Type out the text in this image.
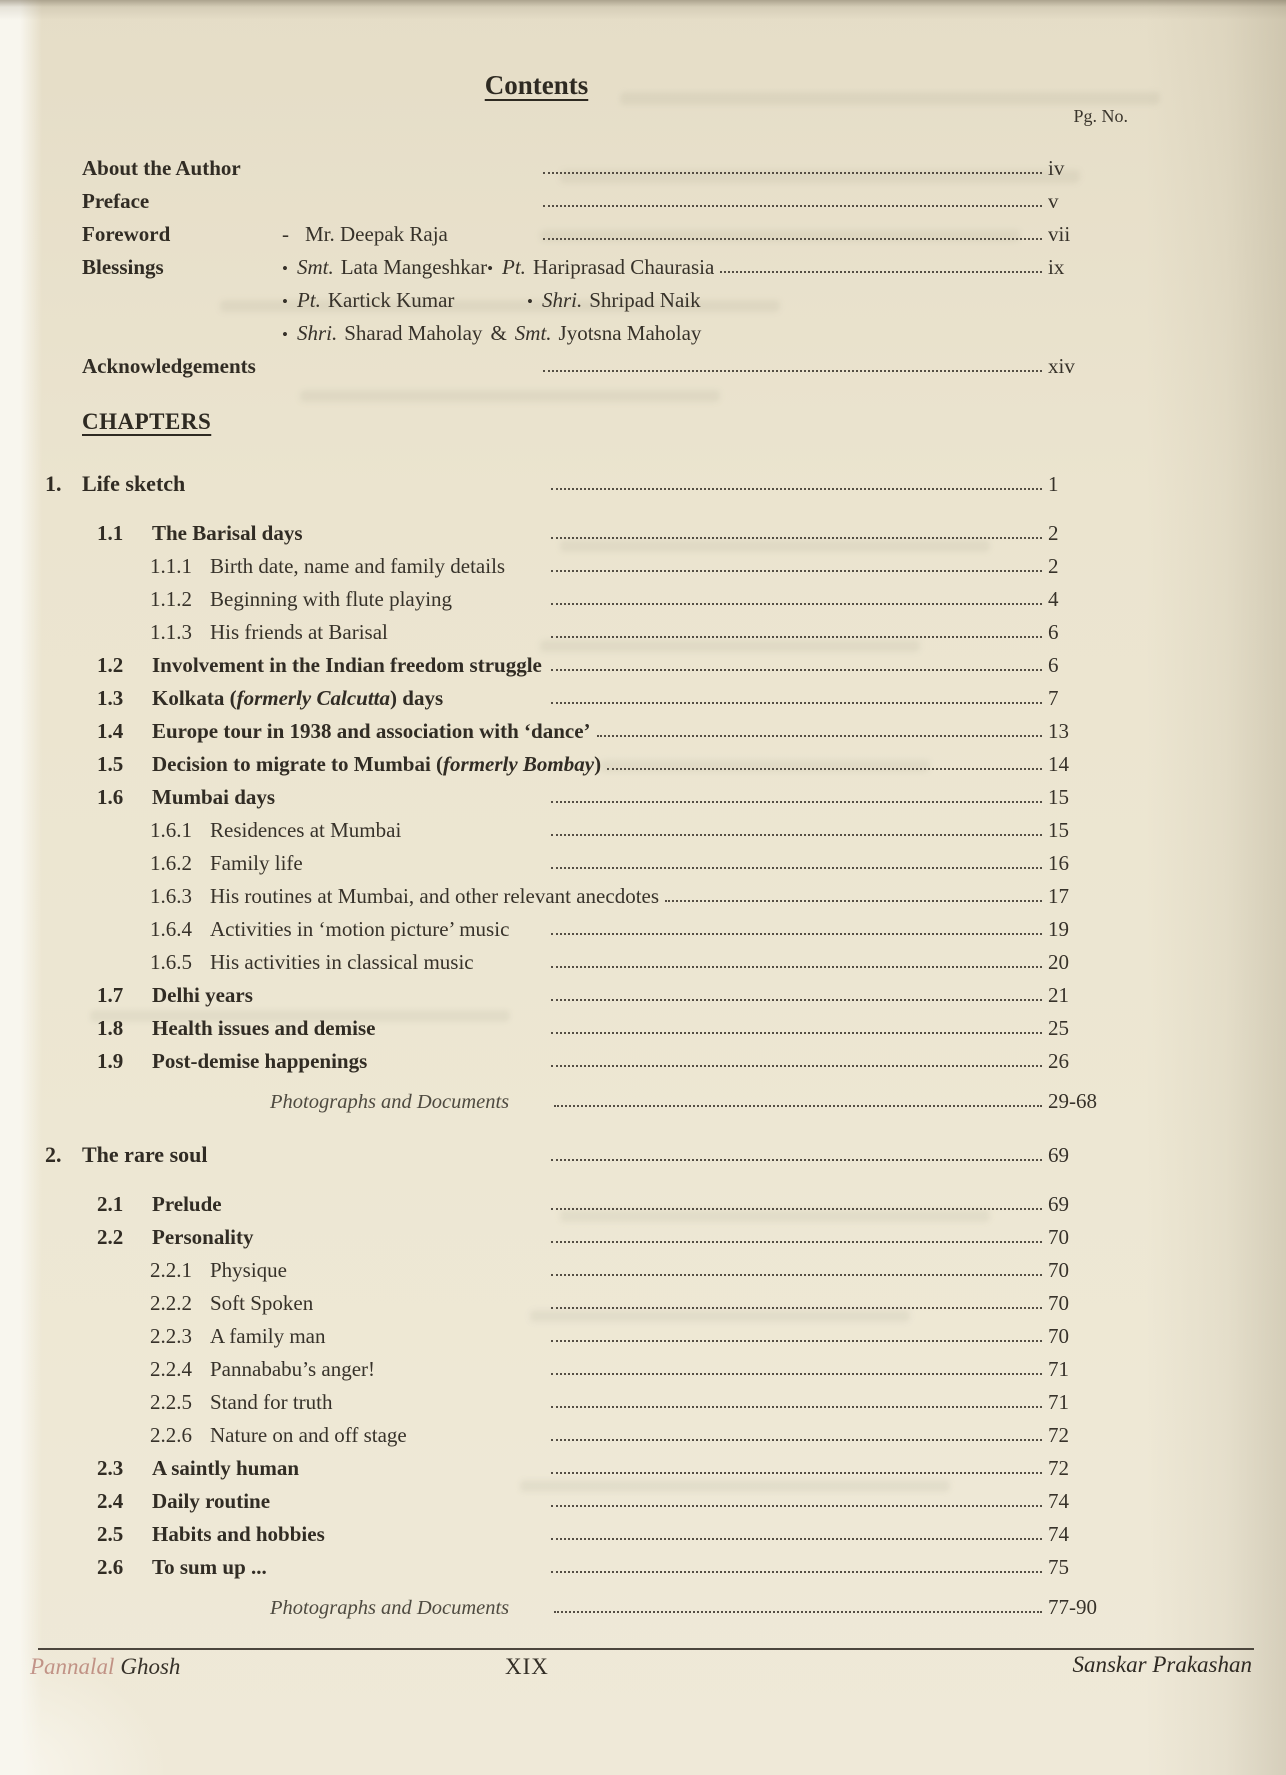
Contents
Pg. No.
About the Author	iv
Preface	v
Foreword	- Mr. Deepak Raja	vii
Blessings	• Smt. Lata Mangeshkar• Pt. Hariprasad Chaurasia	ix
• Pt. Kartick Kumar	• Shri. Shripad Naik
• Shri. Sharad Maholay & Smt. Jyotsna Maholay
Acknowledgements	xiv
CHAPTERS
1. Life sketch	1
1.1	The Barisal days	2
1.1.1 Birth date, name and family details	2
1.1.2 Beginning with flute playing	4
1.1.3 His friends at Barisal	6
1.2	Involvement in the Indian freedom struggle	6
1.3	Kolkata (formerly Calcutta) days	7
1.4	Europe tour in 1938 and association with ‘dance’	13
1.5	Decision to migrate to Mumbai (formerly Bombay)	14
1.6	Mumbai days	15
1.6.1 Residences at Mumbai	15
1.6.2 Family life	16
1.6.3 His routines at Mumbai, and other relevant anecdotes	17
1.6.4 Activities in ‘motion picture’ music	19
1.6.5 His activities in classical music	20
1.7	Delhi years	21
1.8	Health issues and demise	25
1.9	Post-demise happenings	26
Photographs and Documents	29-68
2. The rare soul	69
2.1	Prelude	69
2.2	Personality	70
2.2.1 Physique	70
2.2.2 Soft Spoken	70
2.2.3 A family man	70
2.2.4 Pannababu’s anger!	71
2.2.5 Stand for truth	71
2.2.6 Nature on and off stage	72
2.3	A saintly human	72
2.4	Daily routine	74
2.5	Habits and hobbies	74
2.6	To sum up ...	75
Photographs and Documents	77-90
Pannalal Ghosh	XIX	Sanskar Prakashan
